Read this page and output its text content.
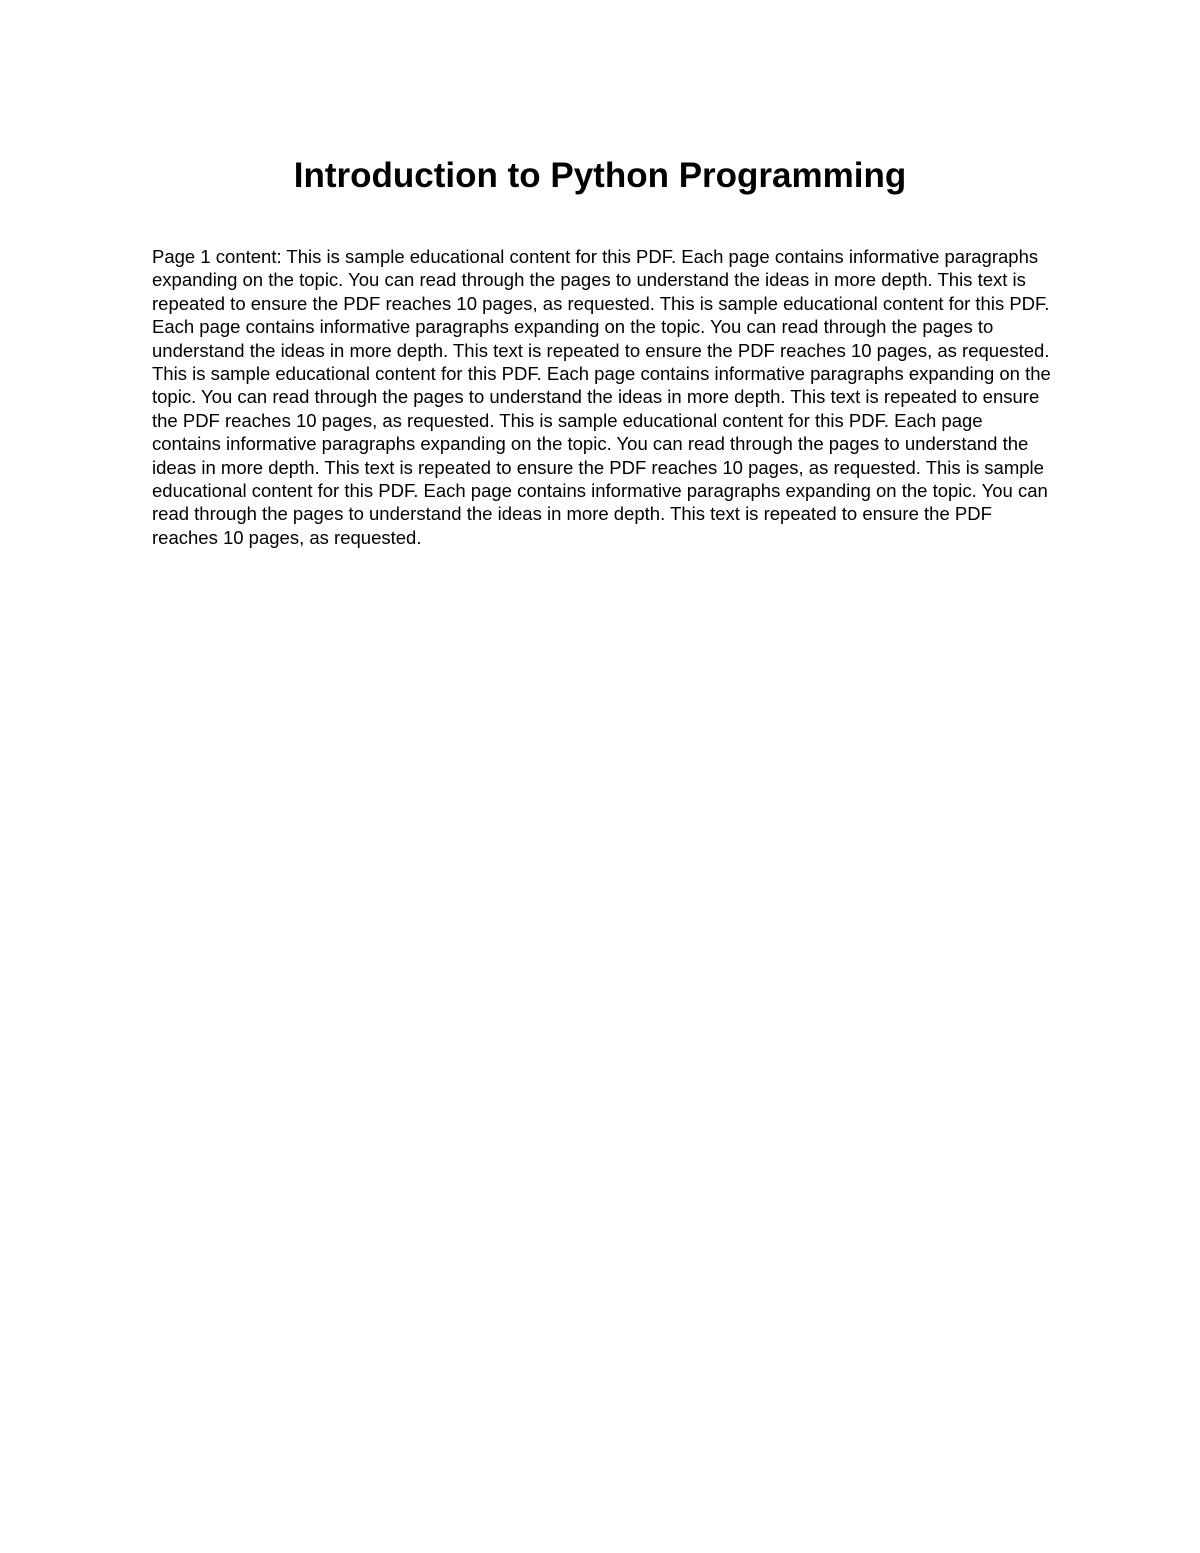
Introduction to Python Programming

Page 1 content: This is sample educational content for this PDF. Each page contains informative paragraphs expanding on the topic. You can read through the pages to understand the ideas in more depth. This text is repeated to ensure the PDF reaches 10 pages, as requested. This is sample educational content for this PDF. Each page contains informative paragraphs expanding on the topic. You can read through the pages to understand the ideas in more depth. This text is repeated to ensure the PDF reaches 10 pages, as requested. This is sample educational content for this PDF. Each page contains informative paragraphs expanding on the topic. You can read through the pages to understand the ideas in more depth. This text is repeated to ensure the PDF reaches 10 pages, as requested. This is sample educational content for this PDF. Each page contains informative paragraphs expanding on the topic. You can read through the pages to understand the ideas in more depth. This text is repeated to ensure the PDF reaches 10 pages, as requested. This is sample educational content for this PDF. Each page contains informative paragraphs expanding on the topic. You can read through the pages to understand the ideas in more depth. This text is repeated to ensure the PDF reaches 10 pages, as requested.
